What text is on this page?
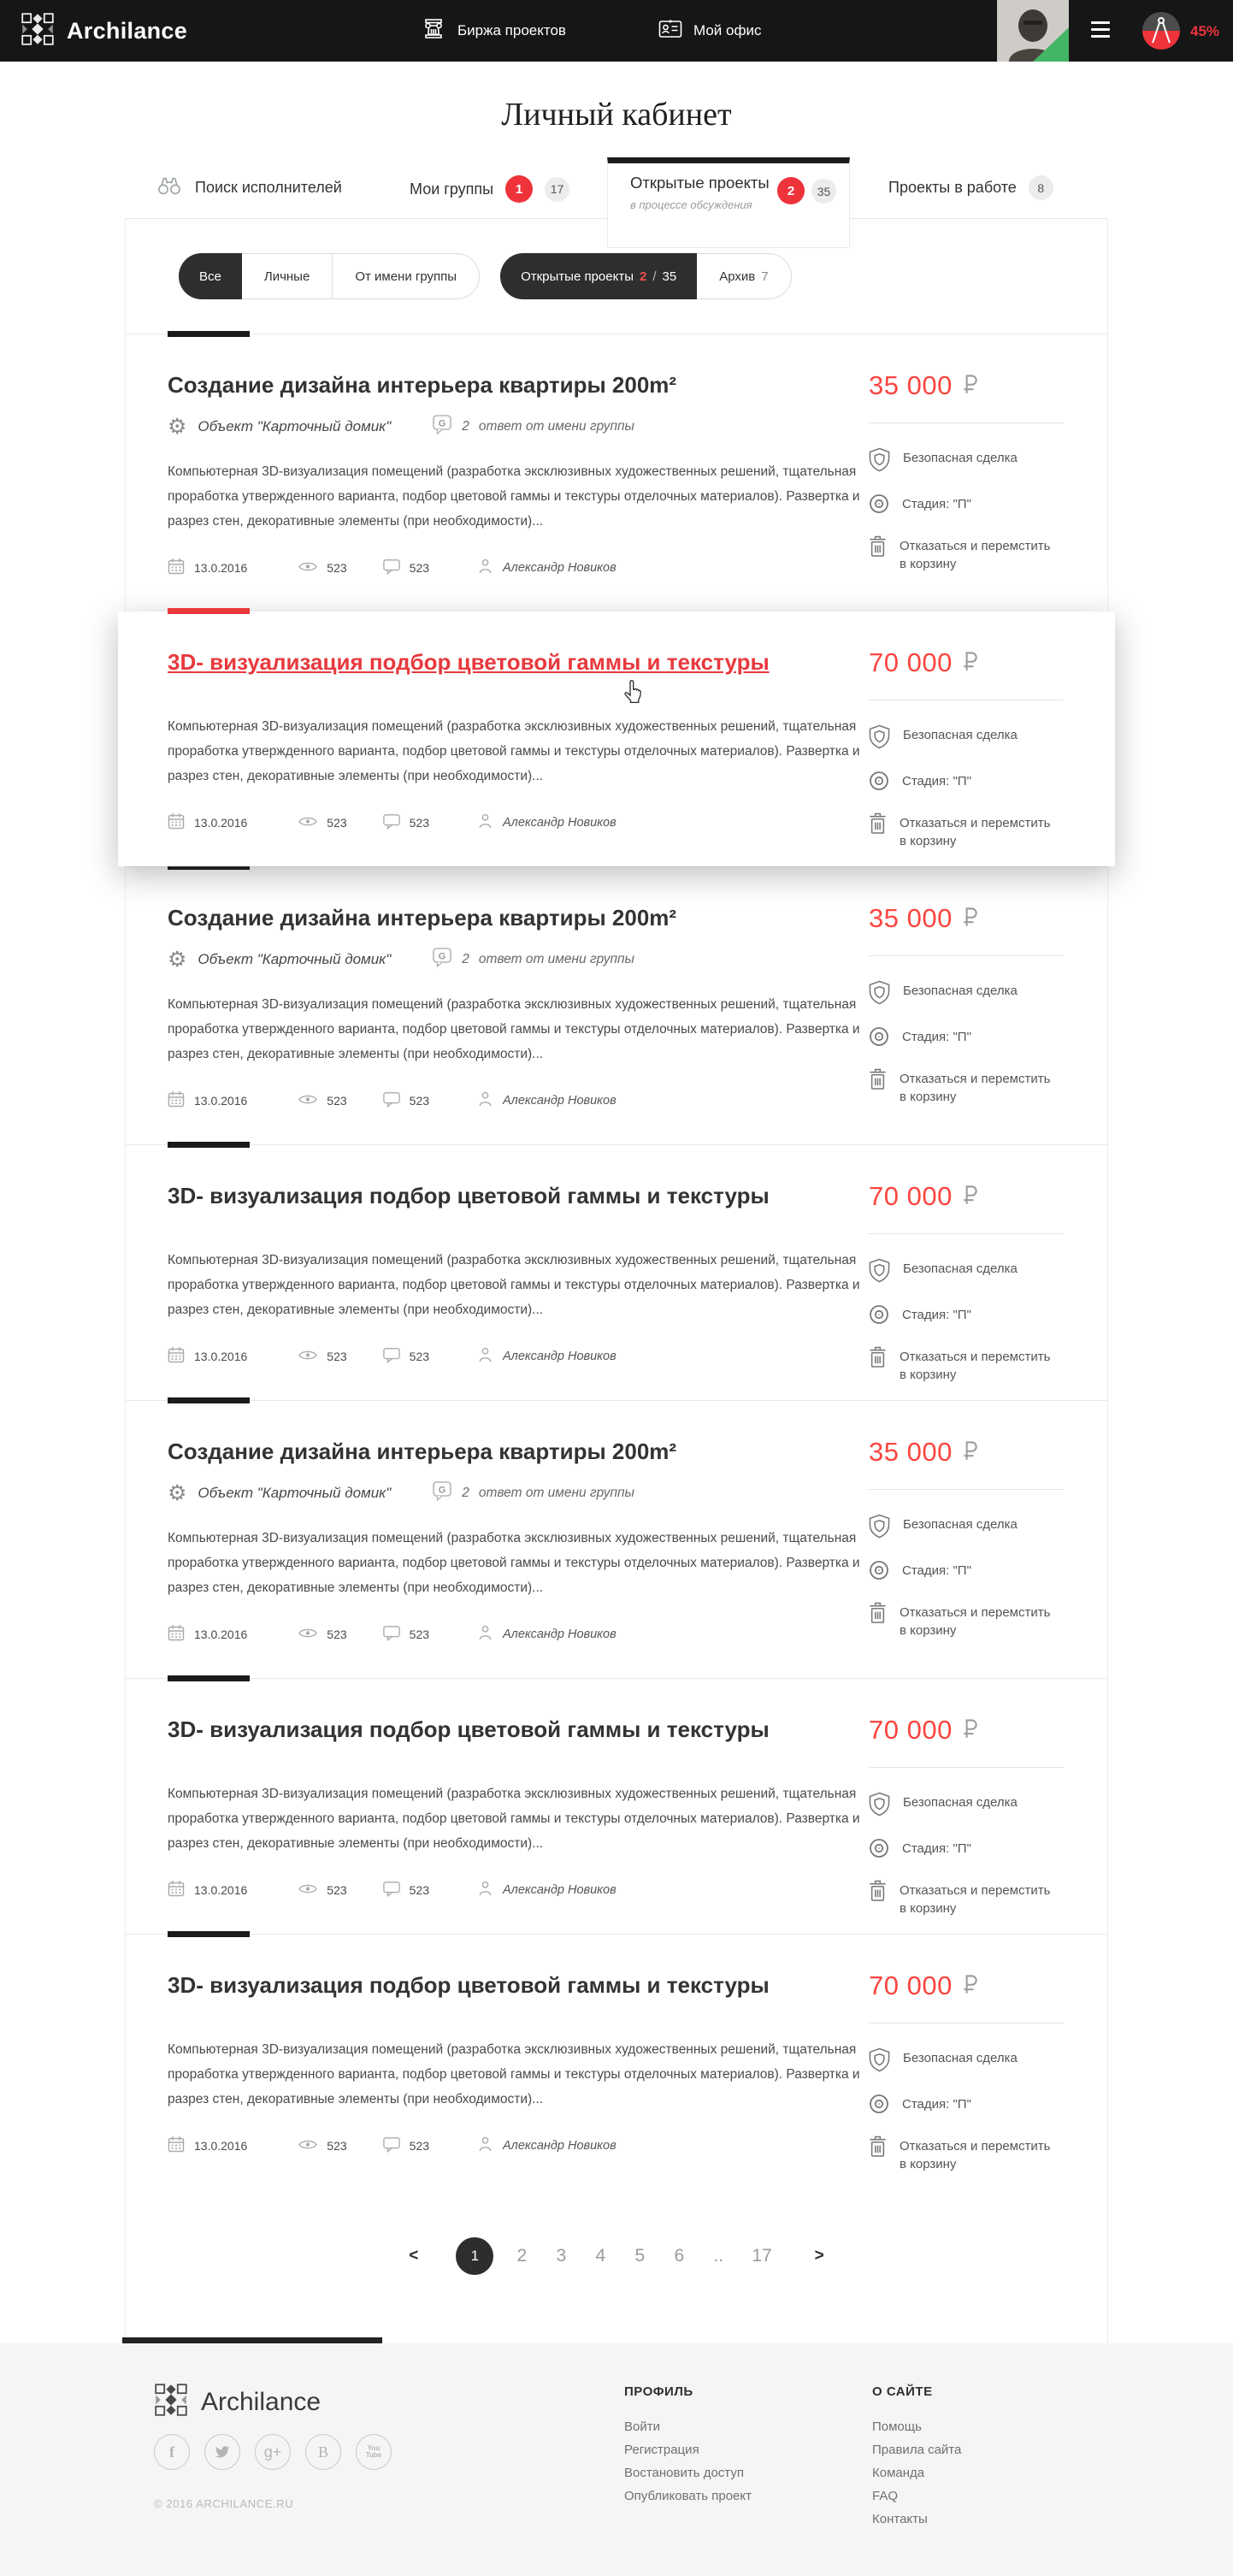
Archilance	Биржа проектов	Мой офис	45%
Личный кабинет
Поиск исполнителей	Мои группы	1	17	Открытые проекты
в процессе обсуждения
2	35	Проекты в работе	8
Все	Личные	От имени группы	Открытые проекты 2 / 35	Архив 7
Создание дизайна интерьера квартиры 200m²
⚙ Объект "Карточный домик"	G 2 ответ от имени группы

Компьютерная 3D-визуализация помещений (разработка эксклюзивных художественных решений, тщательная проработка утвержденного варианта, подбор цветовой гаммы и текстуры отделочных материалов). Развертка и разрез стен, декоративные элементы (при необходимости)...

13.0.2016	523	523	Александр Новиков
35 000
Безопасная сделка
Стадия: "П"
Отказаться и перемстить в корзину
3D- визуализация подбор цветовой гаммы и текстуры

Компьютерная 3D-визуализация помещений (разработка эксклюзивных художественных решений, тщательная проработка утвержденного варианта, подбор цветовой гаммы и текстуры отделочных материалов). Развертка и разрез стен, декоративные элементы (при необходимости)...

13.0.2016	523	523	Александр Новиков
70 000
Безопасная сделка
Стадия: "П"
Отказаться и перемстить в корзину
Создание дизайна интерьера квартиры 200m²
⚙ Объект "Карточный домик"	G 2 ответ от имени группы

Компьютерная 3D-визуализация помещений (разработка эксклюзивных художественных решений, тщательная проработка утвержденного варианта, подбор цветовой гаммы и текстуры отделочных материалов). Развертка и разрез стен, декоративные элементы (при необходимости)...

13.0.2016	523	523	Александр Новиков
35 000
Безопасная сделка
Стадия: "П"
Отказаться и перемстить в корзину
3D- визуализация подбор цветовой гаммы и текстуры

Компьютерная 3D-визуализация помещений (разработка эксклюзивных художественных решений, тщательная проработка утвержденного варианта, подбор цветовой гаммы и текстуры отделочных материалов). Развертка и разрез стен, декоративные элементы (при необходимости)...

13.0.2016	523	523	Александр Новиков
70 000
Безопасная сделка
Стадия: "П"
Отказаться и перемстить в корзину
Создание дизайна интерьера квартиры 200m²
⚙ Объект "Карточный домик"	G 2 ответ от имени группы

Компьютерная 3D-визуализация помещений (разработка эксклюзивных художественных решений, тщательная проработка утвержденного варианта, подбор цветовой гаммы и текстуры отделочных материалов). Развертка и разрез стен, декоративные элементы (при необходимости)...

13.0.2016	523	523	Александр Новиков
35 000
Безопасная сделка
Стадия: "П"
Отказаться и перемстить в корзину
3D- визуализация подбор цветовой гаммы и текстуры

Компьютерная 3D-визуализация помещений (разработка эксклюзивных художественных решений, тщательная проработка утвержденного варианта, подбор цветовой гаммы и текстуры отделочных материалов). Развертка и разрез стен, декоративные элементы (при необходимости)...

13.0.2016	523	523	Александр Новиков
70 000
Безопасная сделка
Стадия: "П"
Отказаться и перемстить в корзину
3D- визуализация подбор цветовой гаммы и текстуры

Компьютерная 3D-визуализация помещений (разработка эксклюзивных художественных решений, тщательная проработка утвержденного варианта, подбор цветовой гаммы и текстуры отделочных материалов). Развертка и разрез стен, декоративные элементы (при необходимости)...

13.0.2016	523	523	Александр Новиков
70 000
Безопасная сделка
Стадия: "П"
Отказаться и перемстить в корзину
<	1	2	3	4	5	6	..	17	>
Archilance
f	g+ B	You
Tube
© 2016 ARCHILANCE.RU
ПРОФИЛЬ
Войти
Регистрация
Востановить доступ
Опубликовать проект
О САЙТЕ
Помощь
Правила сайта
Команда
FAQ
Контакты
